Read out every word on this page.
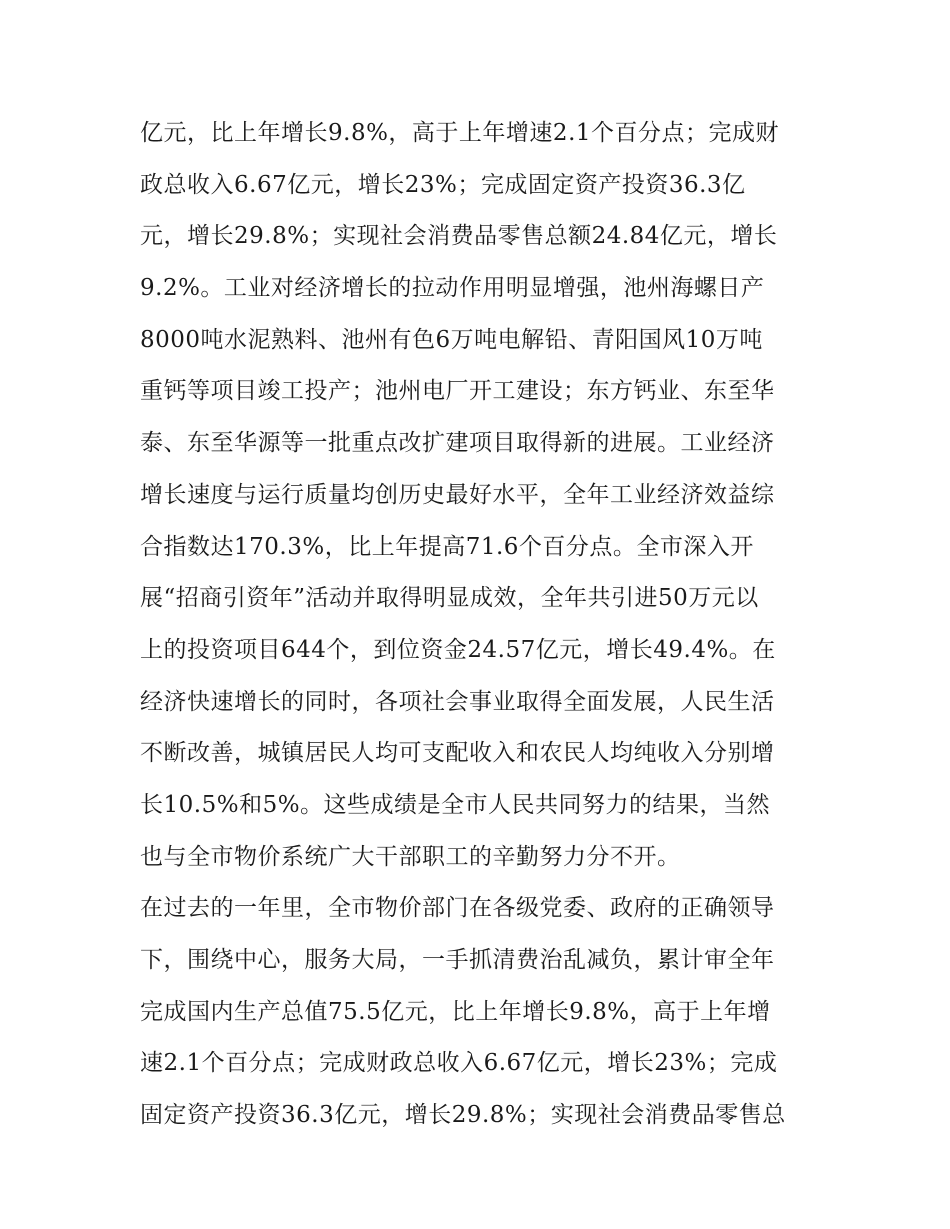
亿元，比上年增长9.8%，高于上年增速2.1个百分点；完成财
政总收入6.67亿元，增长23%；完成固定资产投资36.3亿
元，增长29.8%；实现社会消费品零售总额24.84亿元，增长
9.2%。工业对经济增长的拉动作用明显增强，池州海螺日产
8000吨水泥熟料、池州有色6万吨电解铅、青阳国风10万吨
重钙等项目竣工投产；池州电厂开工建设；东方钙业、东至华
泰、东至华源等一批重点改扩建项目取得新的进展。工业经济
增长速度与运行质量均创历史最好水平，全年工业经济效益综
合指数达170.3%，比上年提高71.6个百分点。全市深入开
展“招商引资年”活动并取得明显成效，全年共引进50万元以
上的投资项目644个，到位资金24.57亿元，增长49.4%。在
经济快速增长的同时，各项社会事业取得全面发展，人民生活
不断改善，城镇居民人均可支配收入和农民人均纯收入分别增
长10.5%和5%。这些成绩是全市人民共同努力的结果，当然
也与全市物价系统广大干部职工的辛勤努力分不开。
在过去的一年里，全市物价部门在各级党委、政府的正确领导
下，围绕中心，服务大局，一手抓清费治乱减负，累计审全年
完成国内生产总值75.5亿元，比上年增长9.8%，高于上年增
速2.1个百分点；完成财政总收入6.67亿元，增长23%；完成
固定资产投资36.3亿元，增长29.8%；实现社会消费品零售总
